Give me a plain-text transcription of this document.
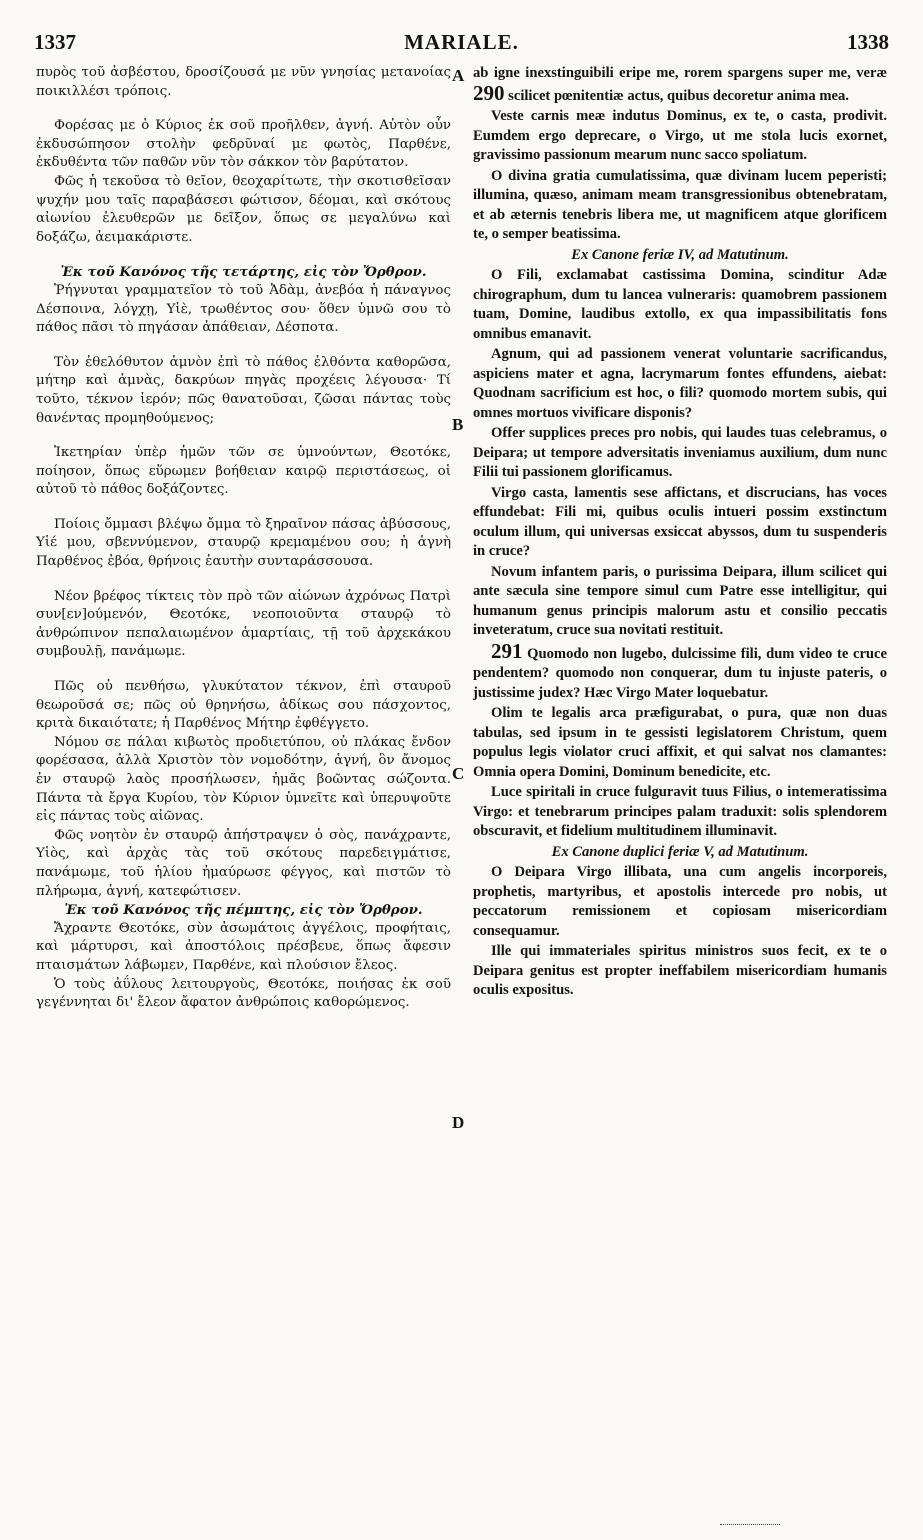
1337	MARIALE.	1338
A
B
C
D

πυρὸς τοῦ ἀσβέστου, δροσίζουσά με νῦν γνησίας μετανοίας ποικιλλέσι τρόποις.

Φορέσας με ὁ Κύριος ἐκ σοῦ προῆλθεν, ἁγνή. Αὐτὸν οὖν ἐκδυσώπησον στολὴν φεδρῦναί με φωτὸς, Παρθένε, ἐκδυθέντα τῶν παθῶν νῦν τὸν σάκκον τὸν βαρύτατον.

Φῶς ἡ τεκοῦσα τὸ θεῖον, θεοχαρίτωτε, τὴν σκοτισθεῖσαν ψυχήν μου ταῖς παραβάσεσι φώτισον, δέομαι, καὶ σκότους αἰωνίου ἐλευθερῶν με δεῖξον, ὅπως σε μεγαλύνω καὶ δοξάζω, ἀειμακάριστε.

Ἐκ τοῦ Κανόνος τῆς τετάρτης, εἰς τὸν Ὄρθρον.

Ῥήγνυται γραμματεῖον τὸ τοῦ Ἀδὰμ, ἀνεβόα ἡ πάναγνος Δέσποινα, λόγχῃ, Υἱὲ, τρωθέντος σου· ὅθεν ὑμνῶ σου τὸ πάθος πᾶσι τὸ πηγάσαν ἀπάθειαν, Δέσποτα.

Τὸν ἐθελόθυτον ἀμνὸν ἐπὶ τὸ πάθος ἐλθόντα καθορῶσα, μήτηρ καὶ ἀμνὰς, δακρύων πηγὰς προχέεις λέγουσα· Τί τοῦτο, τέκνον ἱερόν; πῶς θανατοῦσαι, ζῶσαι πάντας τοὺς θανέντας προμηθούμενος;

Ἱκετηρίαν ὑπὲρ ἡμῶν τῶν σε ὑμνούντων, Θεοτόκε, ποίησον, ὅπως εὕρωμεν βοήθειαν καιρῷ περιστάσεως, οἱ αὐτοῦ τὸ πάθος δοξάζοντες.

Ποίοις ὄμμασι βλέψω ὄμμα τὸ ξηραῖνον πάσας ἀβύσσους, Υἱέ μου, σβεννύμενον, σταυρῷ κρεμαμένου σου; ἡ ἁγνὴ Παρθένος ἐβόα, θρήνοις ἑαυτὴν συνταράσσουσα.

Νέον βρέφος τίκτεις τὸν πρὸ τῶν αἰώνων ἀχρόνως Πατρὶ συν[εν]ούμενόν, Θεοτόκε, νεοποιοῦντα σταυρῷ τὸ ἀνθρώπινον πεπαλαιωμένον ἁμαρτίαις, τῇ τοῦ ἀρχεκάκου συμβουλῇ, πανάμωμε.

Πῶς οὐ πενθήσω, γλυκύτατον τέκνον, ἐπὶ σταυροῦ θεωροῦσά σε; πῶς οὐ θρηνήσω, ἀδίκως σου πάσχοντος, κριτὰ δικαιότατε; ἡ Παρθένος Μήτηρ ἐφθέγγετο.

Νόμου σε πάλαι κιβωτὸς προδιετύπου, οὐ πλάκας ἔνδον φορέσασα, ἀλλὰ Χριστὸν τὸν νομοδότην, ἁγνή, ὃν ἄνομος ἐν σταυρῷ λαὸς προσήλωσεν, ἡμᾶς βοῶντας σώζοντα. Πάντα τὰ ἔργα Κυρίου, τὸν Κύριον ὑμνεῖτε καὶ ὑπερυψοῦτε εἰς πάντας τοὺς αἰῶνας.

Φῶς νοητὸν ἐν σταυρῷ ἀπήστραψεν ὁ σὸς, πανάχραντε, Υἱὸς, καὶ ἀρχὰς τὰς τοῦ σκότους παρεδειγμάτισε, πανάμωμε, τοῦ ἡλίου ἠμαύρωσε φέγγος, καὶ πιστῶν τὸ πλήρωμα, ἁγνή, κατεφώτισεν.

Ἐκ τοῦ Κανόνος τῆς πέμπτης, εἰς τὸν Ὄρθρον.

Ἄχραντε Θεοτόκε, σὺν ἀσωμάτοις ἀγγέλοις, προφήταις, καὶ μάρτυρσι, καὶ ἀποστόλοις πρέσβευε, ὅπως ἄφεσιν πταισμάτων λάβωμεν, Παρθένε, καὶ πλούσιον ἔλεος.

Ὁ τοὺς ἀΰλους λειτουργοὺς, Θεοτόκε, ποιήσας ἐκ σοῦ γεγέννηται δι' ἔλεον ἄφατον ἀνθρώποις καθορώμενος.

ab igne inexstinguibili eripe me, rorem spargens super me, veræ 290 scilicet pœnitentiæ actus, quibus decoretur anima mea.

Veste carnis meæ indutus Dominus, ex te, o casta, prodivit. Eumdem ergo deprecare, o Virgo, ut me stola lucis exornet, gravissimo passionum mearum nunc sacco spoliatum.

O divina gratia cumulatissima, quæ divinam lucem peperisti; illumina, quæso, animam meam transgressionibus obtenebratam, et ab æternis tenebris libera me, ut magnificem atque glorificem te, o semper beatissima.

Ex Canone feriæ IV, ad Matutinum.

O Fili, exclamabat castissima Domina, scinditur Adæ chirographum, dum tu lancea vulneraris: quamobrem passionem tuam, Domine, laudibus extollo, ex qua impassibilitatis fons omnibus emanavit.

Agnum, qui ad passionem venerat voluntarie sacrificandus, aspiciens mater et agna, lacrymarum fontes effundens, aiebat: Quodnam sacrificium est hoc, o fili? quomodo mortem subis, qui omnes mortuos vivificare disponis?

Offer supplices preces pro nobis, qui laudes tuas celebramus, o Deipara; ut tempore adversitatis inveniamus auxilium, dum nunc Filii tui passionem glorificamus.

Virgo casta, lamentis sese affictans, et discrucians, has voces effundebat: Fili mi, quibus oculis intueri possim exstinctum oculum illum, qui universas exsiccat abyssos, dum tu suspenderis in cruce?

Novum infantem paris, o purissima Deipara, illum scilicet qui ante sæcula sine tempore simul cum Patre esse intelligitur, qui humanum genus principis malorum astu et consilio peccatis inveteratum, cruce sua novitati restituit.

291 Quomodo non lugebo, dulcissime fili, dum video te cruce pendentem? quomodo non conquerar, dum tu injuste pateris, o justissime judex? Hæc Virgo Mater loquebatur.

Olim te legalis arca præfigurabat, o pura, quæ non duas tabulas, sed ipsum in te gessisti legislatorem Christum, quem populus legis violator cruci affixit, et qui salvat nos clamantes: Omnia opera Domini, Dominum benedicite, etc.

Luce spiritali in cruce fulguravit tuus Filius, o intemeratissima Virgo: et tenebrarum principes palam traduxit: solis splendorem obscuravit, et fidelium multitudinem illuminavit.

Ex Canone duplici feriæ V, ad Matutinum.

O Deipara Virgo illibata, una cum angelis incorporeis, prophetis, martyribus, et apostolis intercede pro nobis, ut peccatorum remissionem et copiosam misericordiam consequamur.

Ille qui immateriales spiritus ministros suos fecit, ex te o Deipara genitus est propter ineffabilem misericordiam humanis oculis expositus.
